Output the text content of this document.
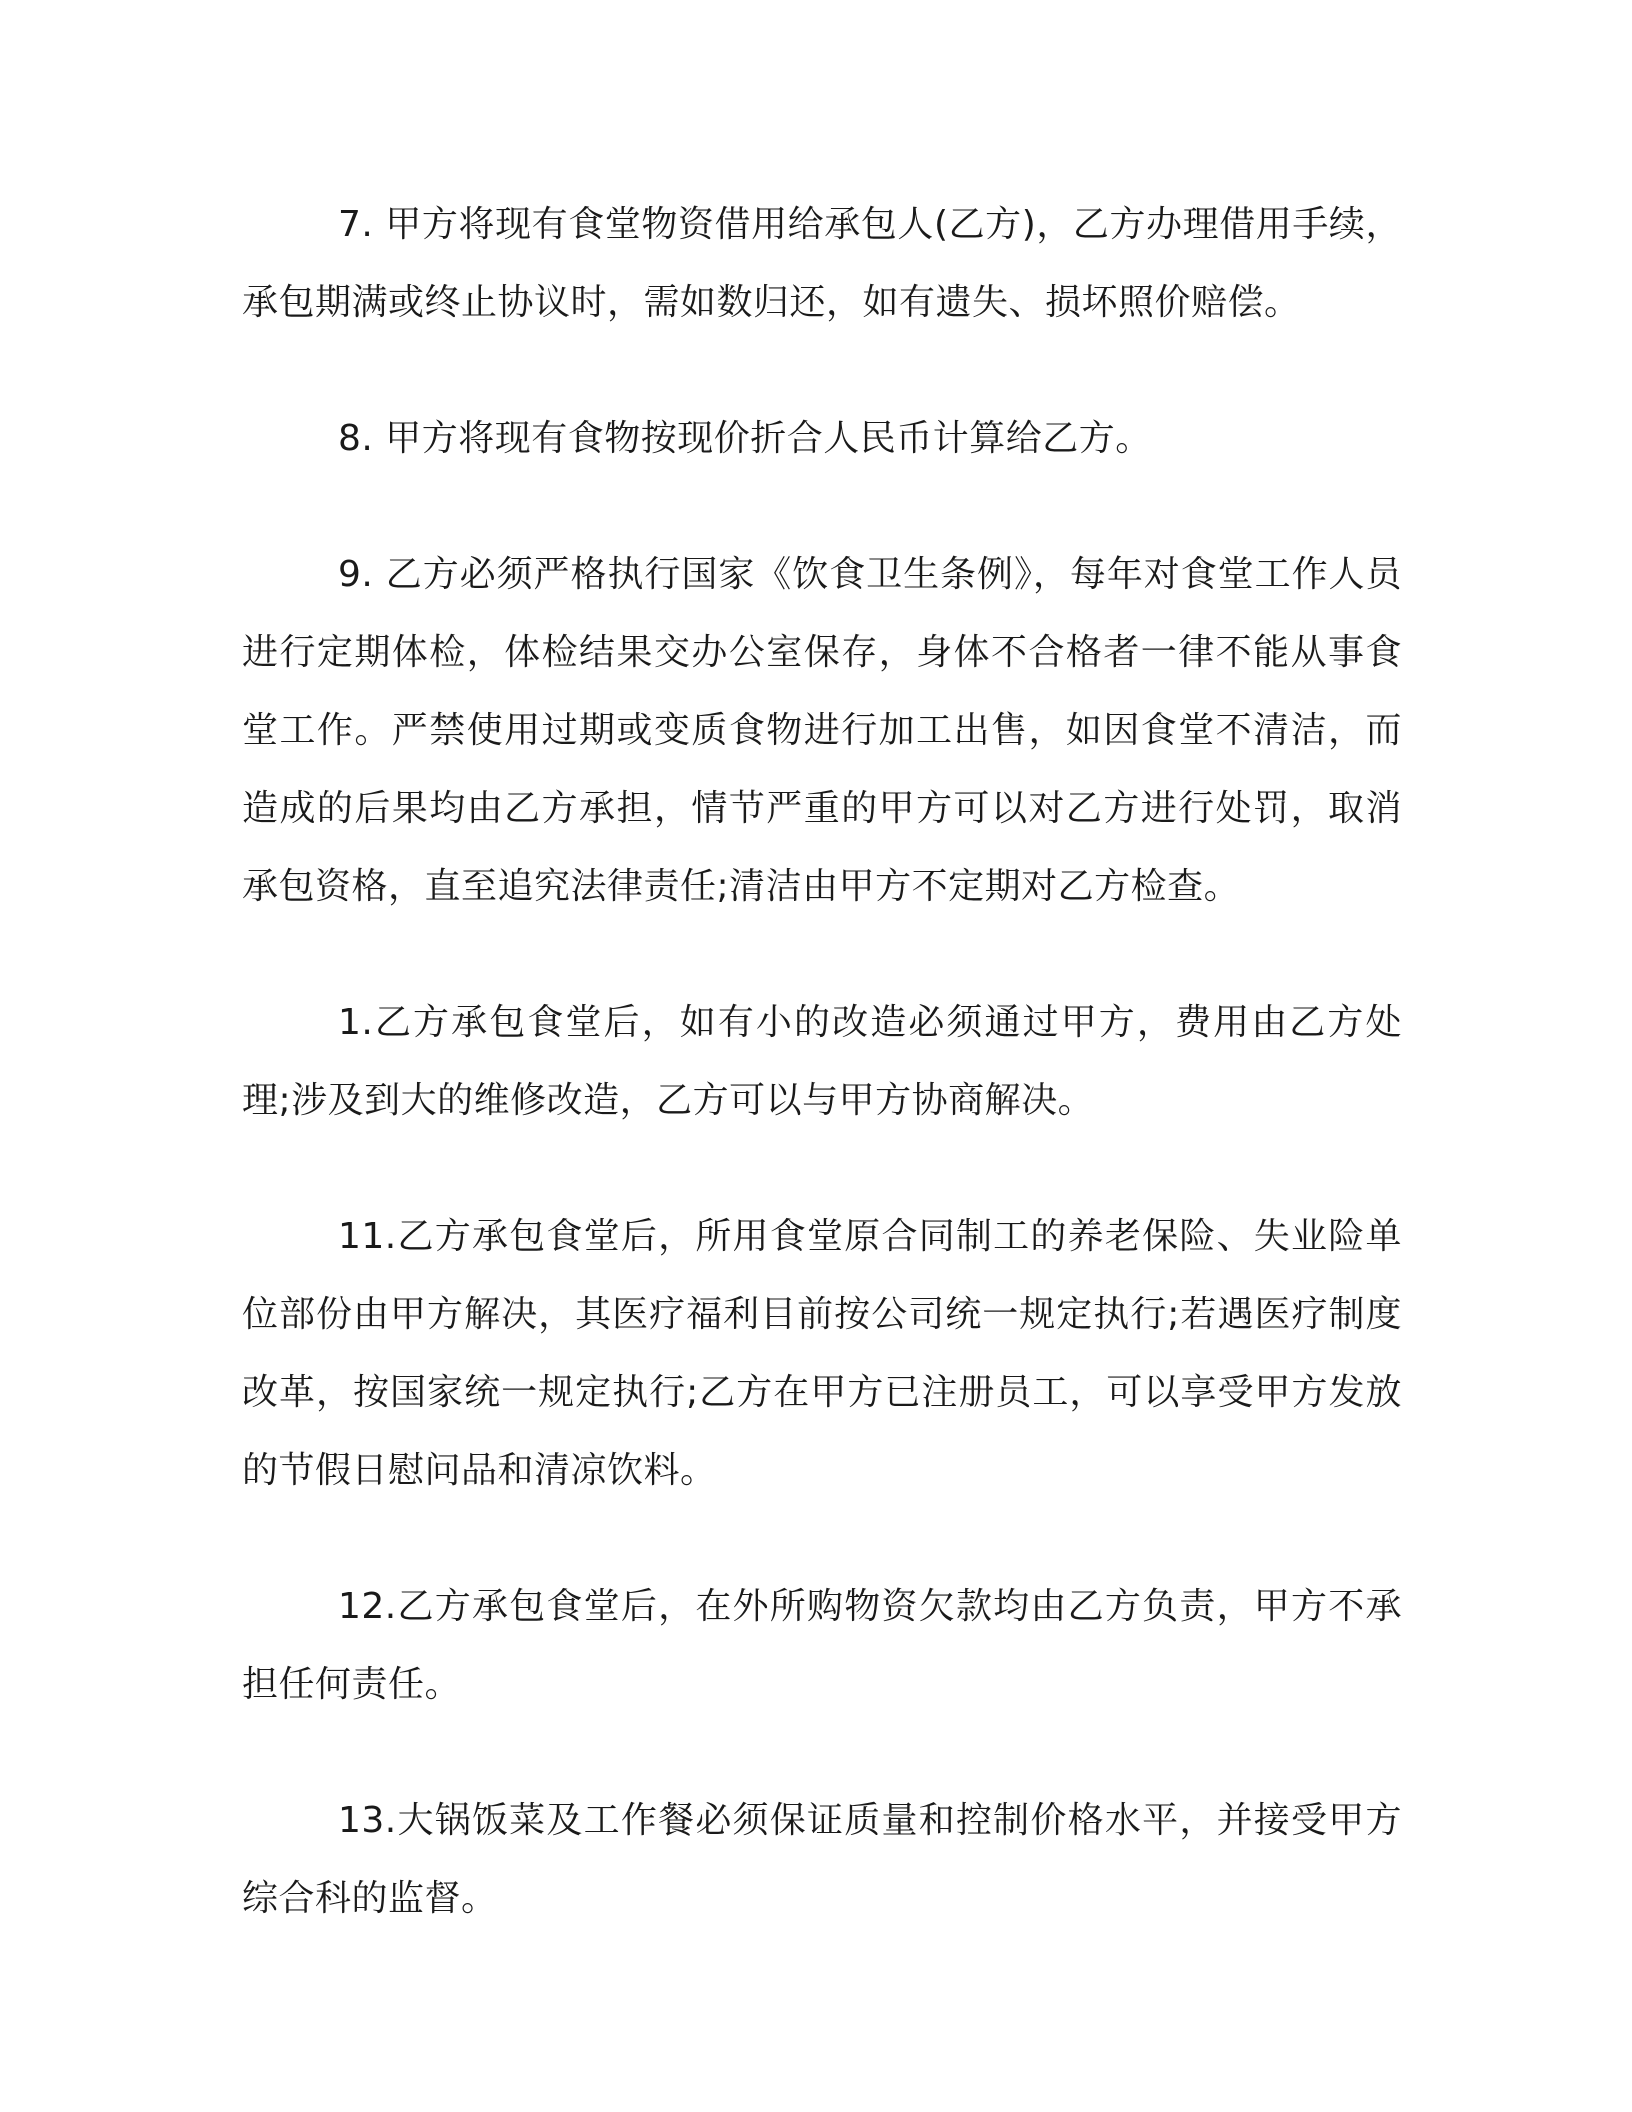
7. 甲方将现有食堂物资借用给承包人(乙方)，乙方办理借用手续，承包期满或终止协议时，需如数归还，如有遗失、损坏照价赔偿。

8. 甲方将现有食物按现价折合人民币计算给乙方。

9. 乙方必须严格执行国家《饮食卫生条例》，每年对食堂工作人员进行定期体检，体检结果交办公室保存，身体不合格者一律不能从事食堂工作。严禁使用过期或变质食物进行加工出售，如因食堂不清洁，而造成的后果均由乙方承担，情节严重的甲方可以对乙方进行处罚，取消承包资格，直至追究法律责任;清洁由甲方不定期对乙方检查。

1.乙方承包食堂后，如有小的改造必须通过甲方，费用由乙方处理;涉及到大的维修改造，乙方可以与甲方协商解决。

11.乙方承包食堂后，所用食堂原合同制工的养老保险、失业险单位部份由甲方解决，其医疗福利目前按公司统一规定执行;若遇医疗制度改革，按国家统一规定执行;乙方在甲方已注册员工，可以享受甲方发放的节假日慰问品和清凉饮料。

12.乙方承包食堂后，在外所购物资欠款均由乙方负责，甲方不承担任何责任。

13.大锅饭菜及工作餐必须保证质量和控制价格水平，并接受甲方综合科的监督。
